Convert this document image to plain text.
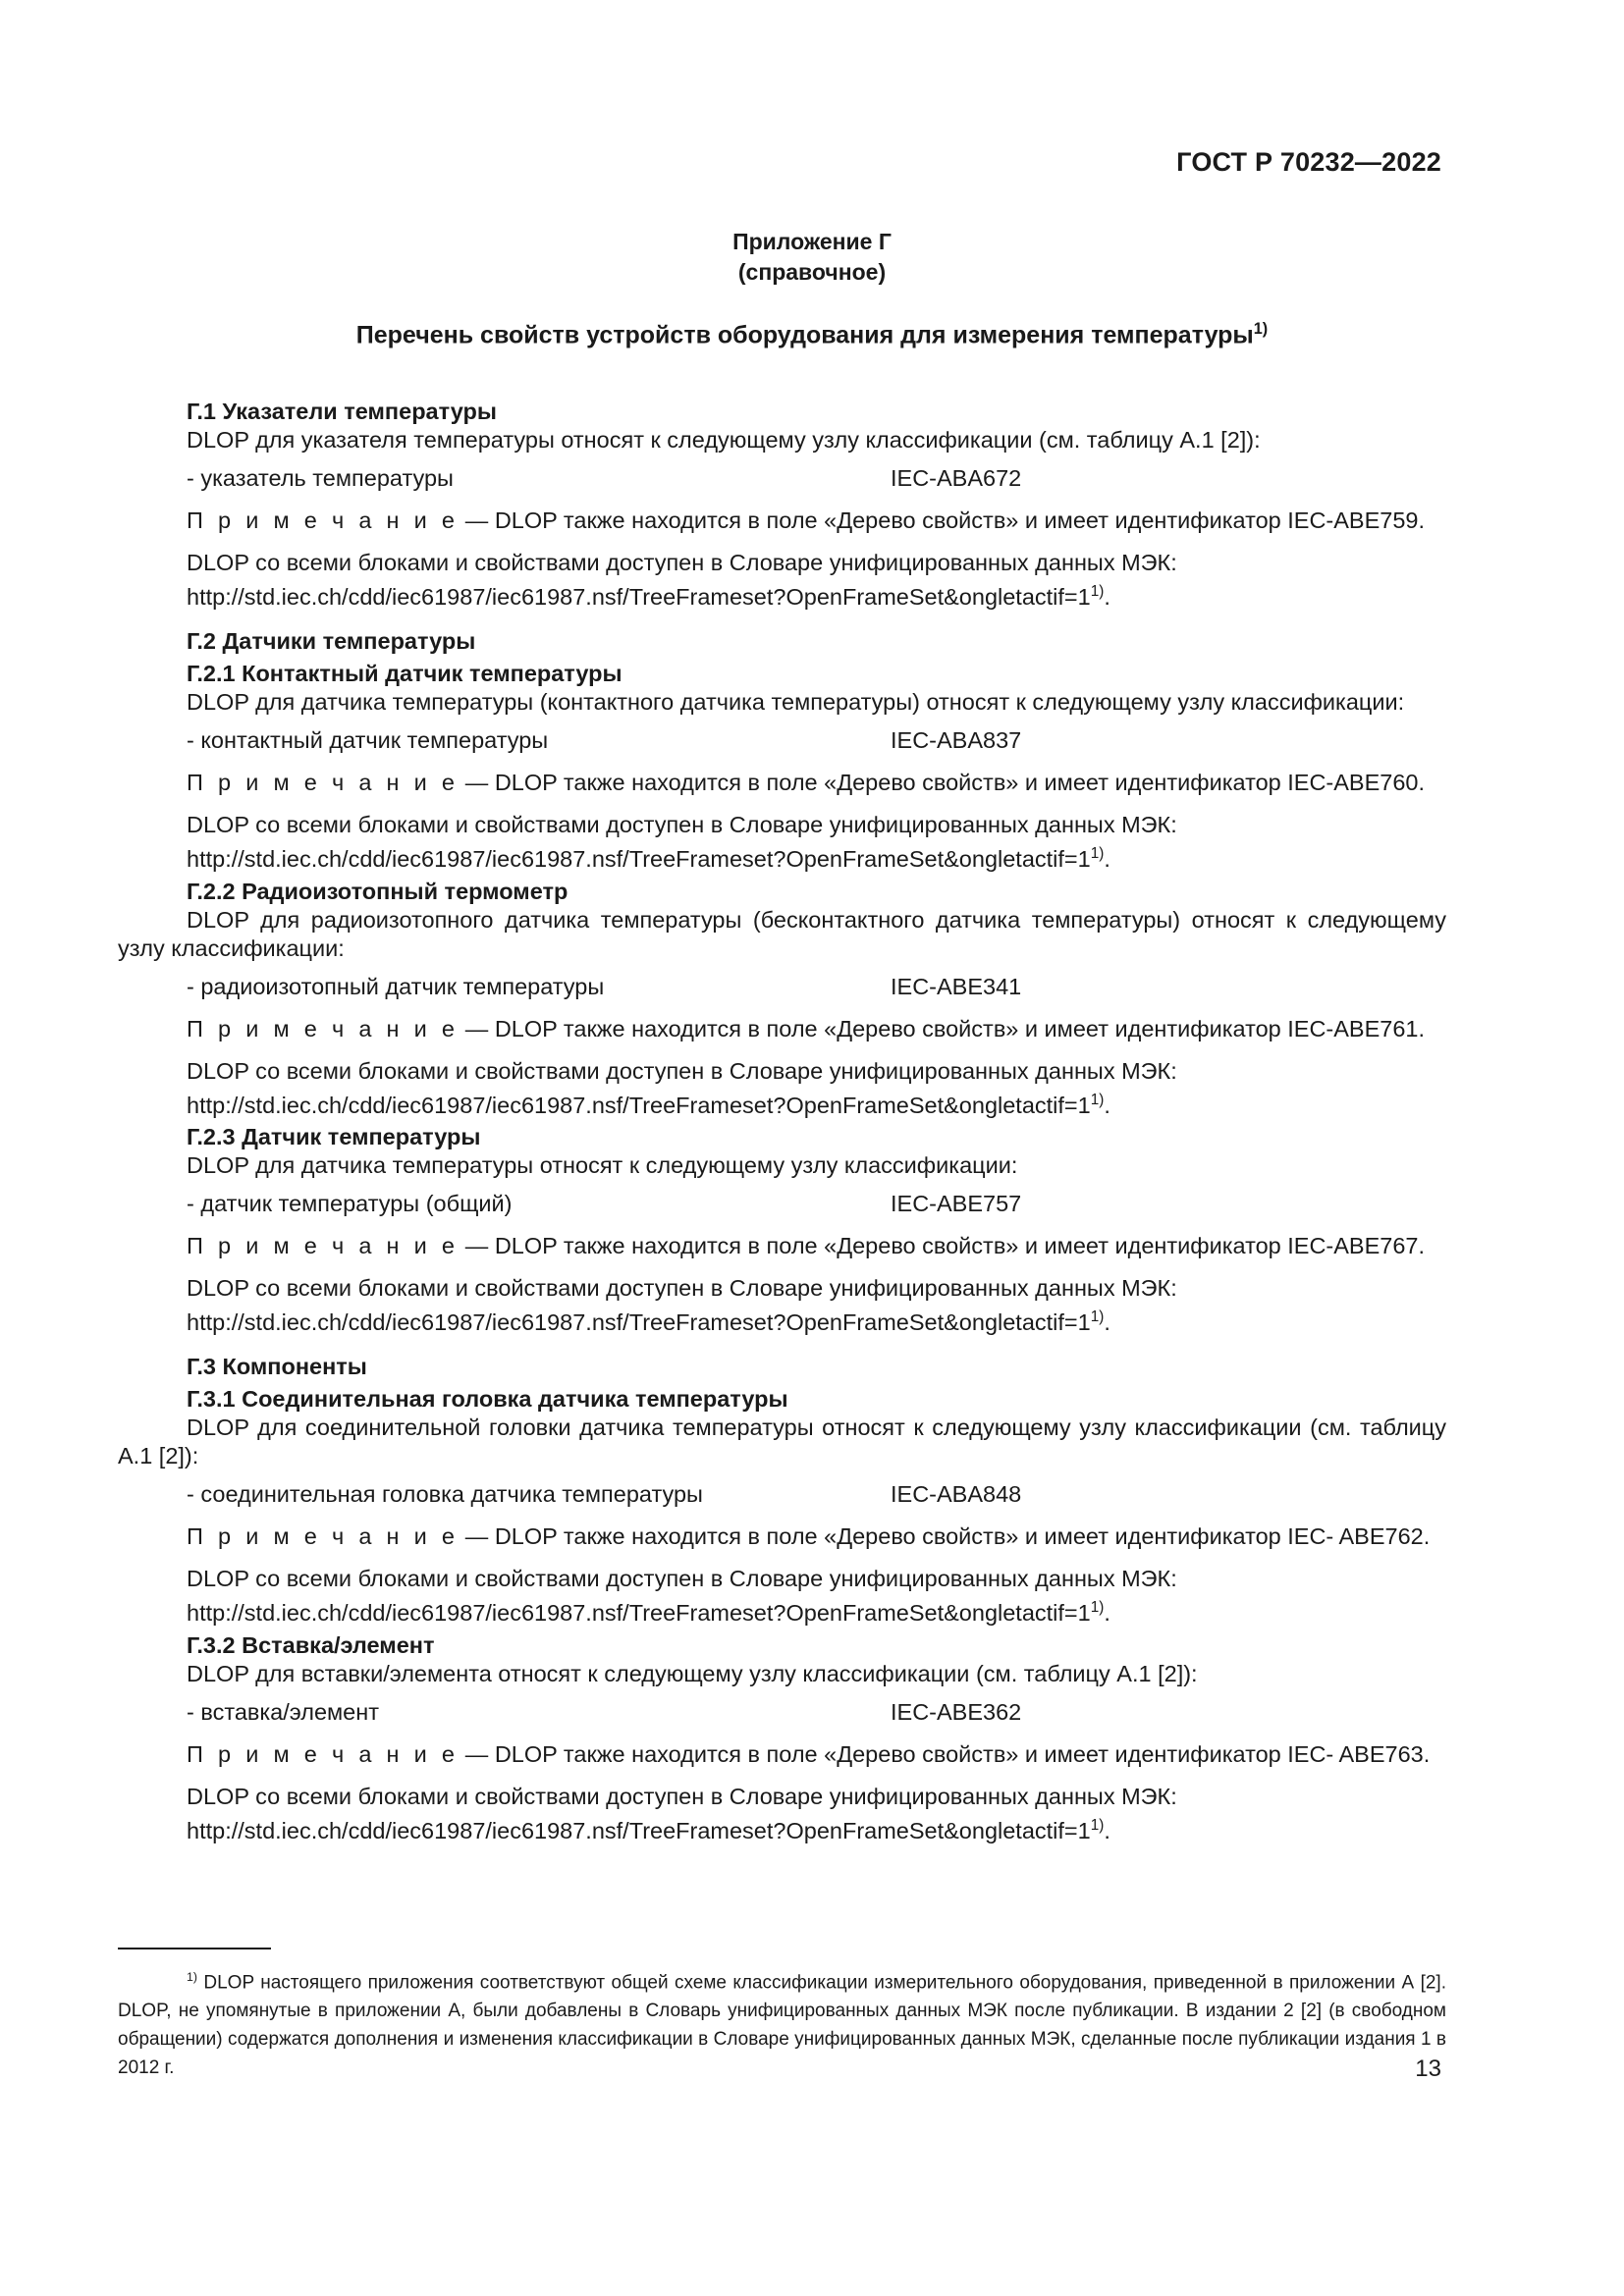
ГОСТ Р 70232—2022
Приложение Г
(справочное)
Перечень свойств устройств оборудования для измерения температуры$^{1)}$
Г.1 Указатели температуры
DLOP для указателя температуры относят к следующему узлу классификации (см. таблицу А.1 [2]):
- указатель температуры	IEC-ABA672
П р и м е ч а н и е — DLOP также находится в поле «Дерево свойств» и имеет идентификатор IEC-ABE759.
DLOP со всеми блоками и свойствами доступен в Словаре унифицированных данных МЭК:
$http://std.iec.ch/cdd/iec61987/iec61987.nsf/TreeFrameset?OpenFrameSet\&ongletactif=1^{1)}$.
Г.2 Датчики температуры
Г.2.1 Контактный датчик температуры
DLOP для датчика температуры (контактного датчика температуры) относят к следующему узлу классификации:
- контактный датчик температуры	IEC-ABA837
П р и м е ч а н и е — DLOP также находится в поле «Дерево свойств» и имеет идентификатор IEC-ABE760.
DLOP со всеми блоками и свойствами доступен в Словаре унифицированных данных МЭК:
$http://std.iec.ch/cdd/iec61987/iec61987.nsf/TreeFrameset?OpenFrameSet\&ongletactif=1^{1)}$.
Г.2.2 Радиоизотопный термометр
DLOP для радиоизотопного датчика температуры (бесконтактного датчика температуры) относят к следующему узлу классификации:
- радиоизотопный датчик температуры	IEC-ABE341
П р и м е ч а н и е — DLOP также находится в поле «Дерево свойств» и имеет идентификатор IEC-ABE761.
DLOP со всеми блоками и свойствами доступен в Словаре унифицированных данных МЭК:
$http://std.iec.ch/cdd/iec61987/iec61987.nsf/TreeFrameset?OpenFrameSet\&ongletactif=1^{1)}$.
Г.2.3 Датчик температуры
DLOP для датчика температуры относят к следующему узлу классификации:
- датчик температуры (общий)	IEC-ABE757
П р и м е ч а н и е — DLOP также находится в поле «Дерево свойств» и имеет идентификатор IEC-ABE767.
DLOP со всеми блоками и свойствами доступен в Словаре унифицированных данных МЭК:
$http://std.iec.ch/cdd/iec61987/iec61987.nsf/TreeFrameset?OpenFrameSet\&ongletactif=1^{1)}$.
Г.3 Компоненты
Г.3.1 Соединительная головка датчика температуры
DLOP для соединительной головки датчика температуры относят к следующему узлу классификации (см. таблицу А.1 [2]):
- соединительная головка датчика температуры	IEC-ABA848
П р и м е ч а н и е — DLOP также находится в поле «Дерево свойств» и имеет идентификатор IEC- ABE762.
DLOP со всеми блоками и свойствами доступен в Словаре унифицированных данных МЭК:
$http://std.iec.ch/cdd/iec61987/iec61987.nsf/TreeFrameset?OpenFrameSet\&ongletactif=1^{1)}$.
Г.3.2 Вставка/элемент
DLOP для вставки/элемента относят к следующему узлу классификации (см. таблицу А.1 [2]):
- вставка/элемент	IEC-ABE362
П р и м е ч а н и е — DLOP также находится в поле «Дерево свойств» и имеет идентификатор IEC- ABE763.
DLOP со всеми блоками и свойствами доступен в Словаре унифицированных данных МЭК:
$http://std.iec.ch/cdd/iec61987/iec61987.nsf/TreeFrameset?OpenFrameSet\&ongletactif=1^{1)}$.
$^{1)}$ DLOP настоящего приложения соответствуют общей схеме классификации измерительного оборудования, приведенной в приложении А [2]. DLOP, не упомянутые в приложении А, были добавлены в Словарь унифицированных данных МЭК после публикации. В издании 2 [2] (в свободном обращении) содержатся дополнения и изменения классификации в Словаре унифицированных данных МЭК, сделанные после публикации издания 1 в 2012 г.	13
